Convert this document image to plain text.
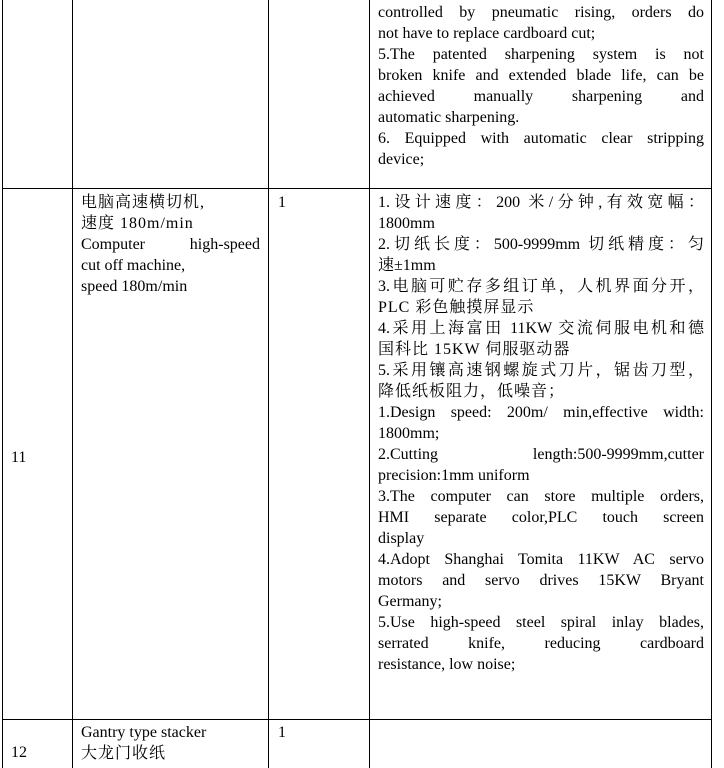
controlled by pneumatic rising, orders do
not have to replace cardboard cut;
5.The patented sharpening system is not
broken knife and extended blade life, can be
achieved manually sharpening and
automatic sharpening.
6. Equipped with automatic clear stripping
device;
11
电脑高速横切机,
速度 180m/min
Computer high-speed
cut off machine,
speed 180m/min
1	1.设计速度：200 米/分钟,有效宽幅：
1800mm
2.切纸长度：500-9999mm 切纸精度：匀
速±1mm
3.电脑可贮存多组订单，人机界面分开，
PLC 彩色触摸屏显示
4.采用上海富田 11KW 交流伺服电机和德
国科比 15KW 伺服驱动器
5.采用镶高速钢螺旋式刀片，锯齿刀型，
降低纸板阻力，低噪音；
1.Design speed: 200m/ min,effective width:
1800mm;
2.Cutting length:500-9999mm,cutter
precision:1mm uniform
3.The computer can store multiple orders,
HMI separate color,PLC touch screen
display
4.Adopt Shanghai Tomita 11KW AC servo
motors and servo drives 15KW Bryant
Germany;
5.Use high-speed steel spiral inlay blades,
serrated knife, reducing cardboard
resistance, low noise;
12
Gantry type stacker
大龙门收纸
1
